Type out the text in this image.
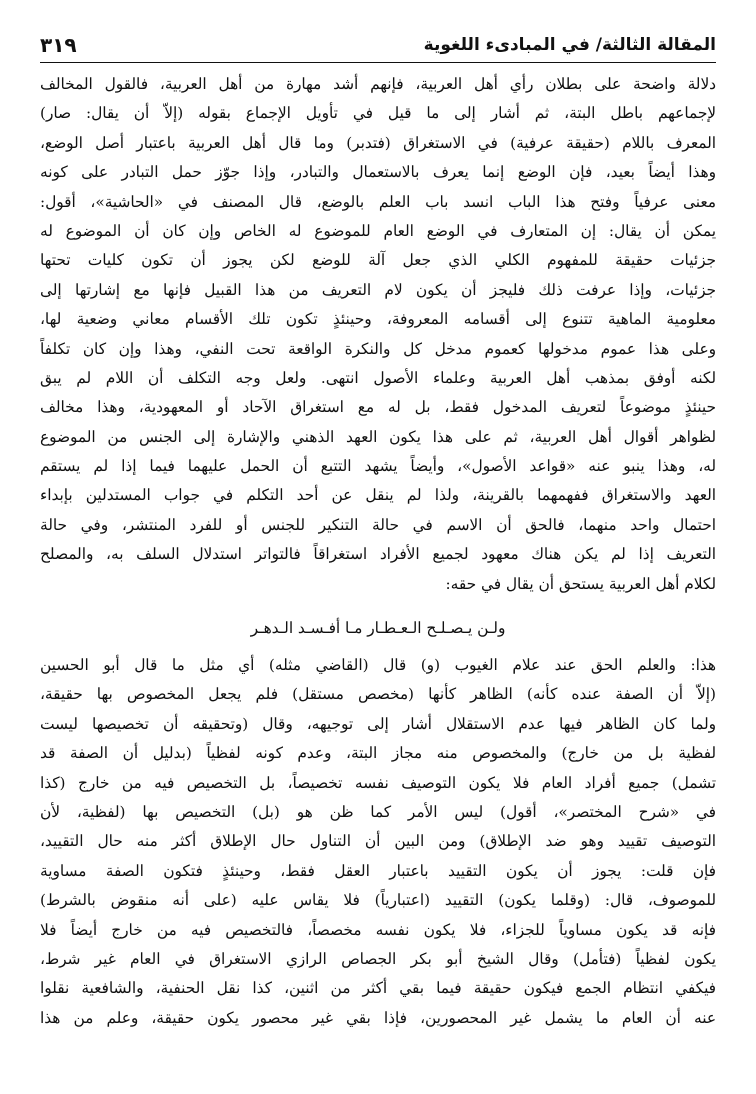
المقالة الثالثة/ في المبادىء اللغوية
٣١٩
دلالة واضحة على بطلان رأي أهل العربية، فإنهم أشد مهارة من أهل العربية، فالقول المخالف
لإجماعهم باطل البتة، ثم أشار إلى ما قيل في تأويل الإجماع بقوله (إلاّ أن يقال: صار)
المعرف باللام (حقيقة عرفية) في الاستغراق (فتدبر) وما قال أهل العربية باعتبار أصل الوضع،
وهذا أيضاً بعيد، فإن الوضع إنما يعرف بالاستعمال والتبادر، وإذا جوّز حمل التبادر على كونه
معنى عرفياً وفتح هذا الباب انسد باب العلم بالوضع، قال المصنف في «الحاشية»، أقول:
يمكن أن يقال: إن المتعارف في الوضع العام للموضوع له الخاص وإن كان أن الموضوع له
جزئيات حقيقة للمفهوم الكلي الذي جعل آلة للوضع لكن يجوز أن تكون كليات تحتها
جزئيات، وإذا عرفت ذلك فليجز أن يكون لام التعريف من هذا القبيل فإنها مع إشارتها إلى
معلومية الماهية تتنوع إلى أقسامه المعروفة، وحينئذٍ تكون تلك الأقسام معاني وضعية لها،
وعلى هذا عموم مدخولها كعموم مدخل كل والنكرة الواقعة تحت النفي، وهذا وإن كان تكلفاً
لكنه أوفق بمذهب أهل العربية وعلماء الأصول انتهى. ولعل وجه التكلف أن اللام لم يبق
حينئذٍ موضوعاً لتعريف المدخول فقط، بل له مع استغراق الآحاد أو المعهودية، وهذا مخالف
لظواهر أقوال أهل العربية، ثم على هذا يكون العهد الذهني والإشارة إلى الجنس من الموضوع
له، وهذا ينبو عنه «قواعد الأصول»، وأيضاً يشهد التتبع أن الحمل عليهما فيما إذا لم يستقم
العهد والاستغراق ففهمهما بالقرينة، ولذا لم ينقل عن أحد التكلم في جواب المستدلين بإبداء
احتمال واحد منهما، فالحق أن الاسم في حالة التنكير للجنس أو للفرد المنتشر، وفي حالة
التعريف إذا لم يكن هناك معهود لجميع الأفراد استغراقاً فالتواتر استدلال السلف به، والمصلح
لكلام أهل العربية يستحق أن يقال في حقه:
ولـن يـصـلـح الـعـطـار مـا أفـسـد الـدهـر
هذا: والعلم الحق عند علام الغيوب (و) قال (القاضي مثله) أي مثل ما قال أبو الحسين
(إلاّ أن الصفة عنده كأنه) الظاهر كأنها (مخصص مستقل) فلم يجعل المخصوص بها حقيقة،
ولما كان الظاهر فيها عدم الاستقلال أشار إلى توجيهه، وقال (وتحقيقه أن تخصيصها ليست
لفظية بل من خارج) والمخصوص منه مجاز البتة، وعدم كونه لفظياً (بدليل أن الصفة قد
تشمل) جميع أفراد العام فلا يكون التوصيف نفسه تخصيصاً، بل التخصيص فيه من خارج (كذا
في «شرح المختصر»، أقول) ليس الأمر كما ظن هو (بل) التخصيص بها (لفظية، لأن
التوصيف تقييد وهو ضد الإطلاق) ومن البين أن التناول حال الإطلاق أكثر منه حال التقييد،
فإن قلت: يجوز أن يكون التقييد باعتبار العقل فقط، وحينئذٍ فتكون الصفة مساوية
للموصوف، قال: (وقلما يكون) التقييد (اعتبارياً) فلا يقاس عليه (على أنه منقوض بالشرط)
فإنه قد يكون مساوياً للجزاء، فلا يكون نفسه مخصصاً، فالتخصيص فيه من خارج أيضاً فلا
يكون لفظياً (فتأمل) وقال الشيخ أبو بكر الجصاص الرازي الاستغراق في العام غير شرط،
فيكفي انتظام الجمع فيكون حقيقة فيما بقي أكثر من اثنين، كذا نقل الحنفية، والشافعية نقلوا
عنه أن العام ما يشمل غير المحصورين، فإذا بقي غير محصور يكون حقيقة، وعلم من هذا
